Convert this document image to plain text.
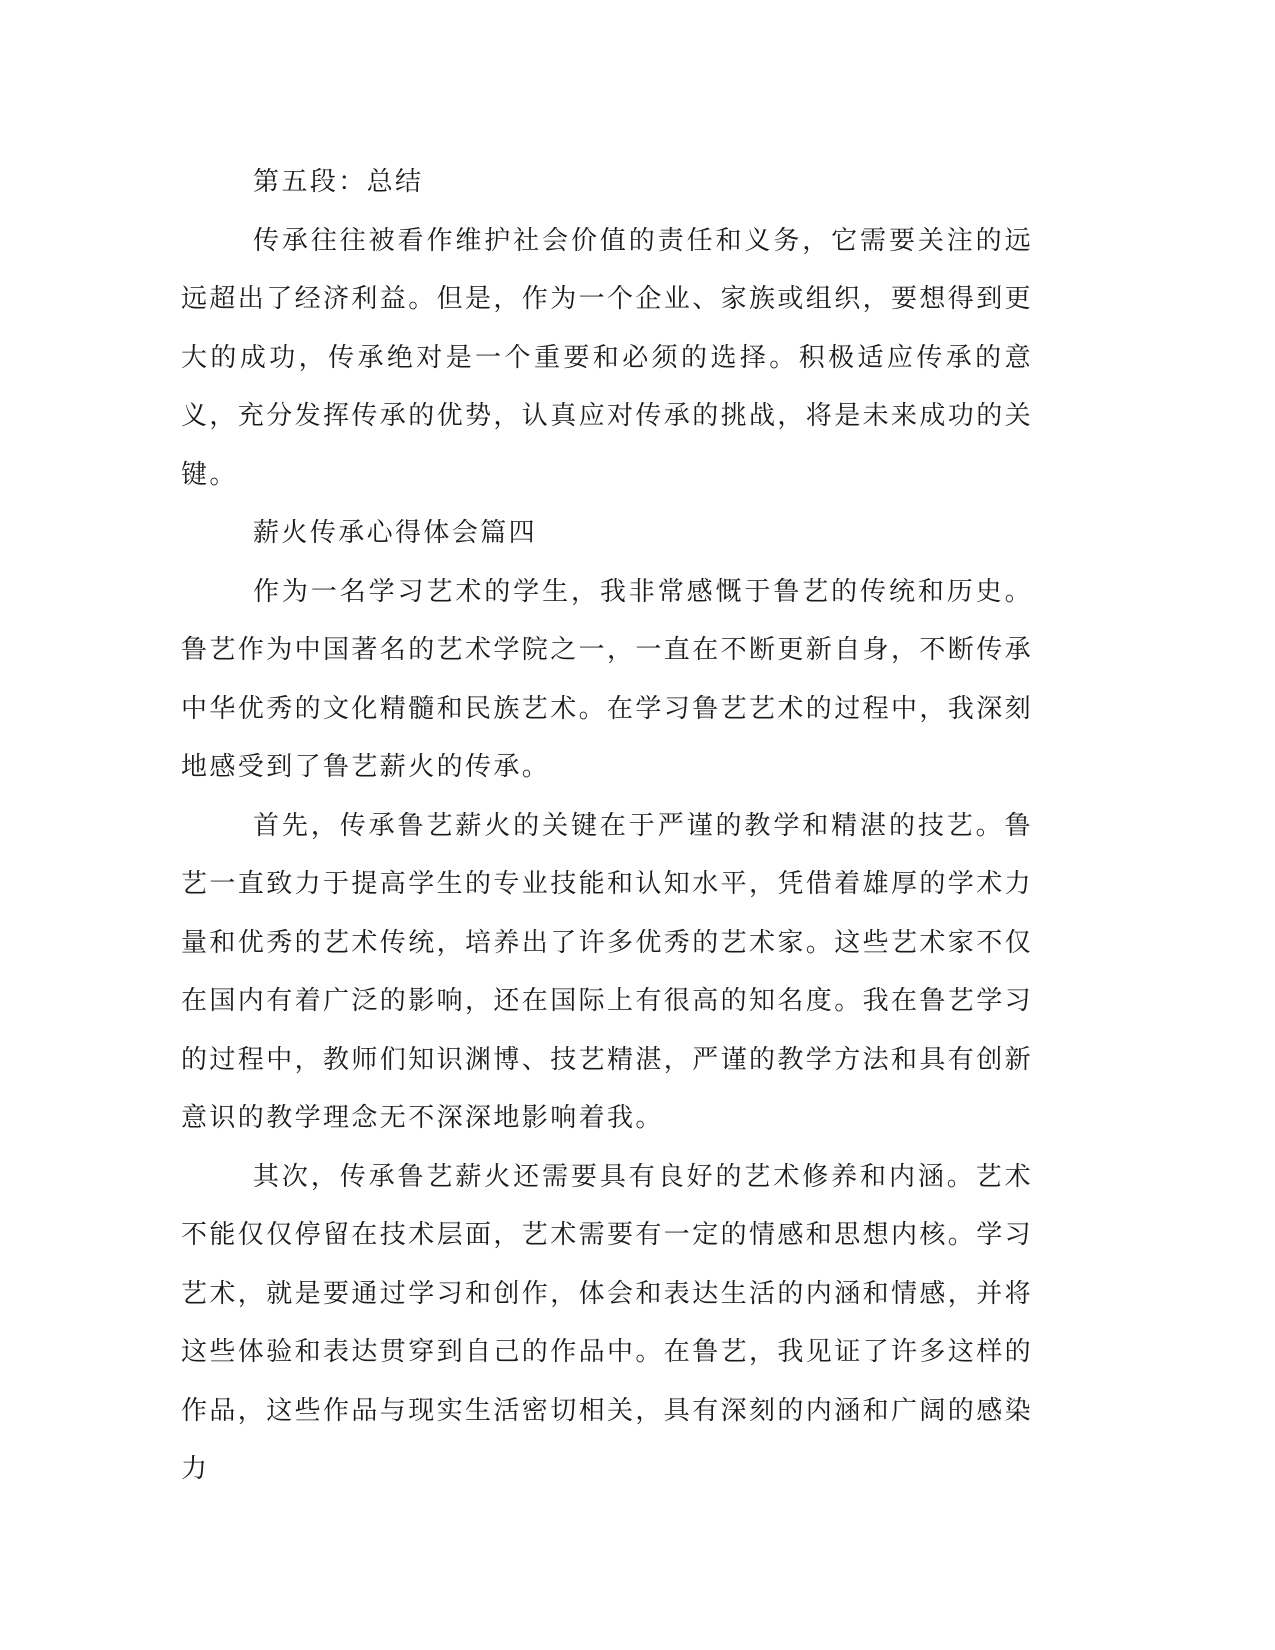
第五段：总结

传承往往被看作维护社会价值的责任和义务，它需要关注的远远超出了经济利益。但是，作为一个企业、家族或组织，要想得到更大的成功，传承绝对是一个重要和必须的选择。积极适应传承的意义，充分发挥传承的优势，认真应对传承的挑战，将是未来成功的关键。

薪火传承心得体会篇四

作为一名学习艺术的学生，我非常感慨于鲁艺的传统和历史。鲁艺作为中国著名的艺术学院之一，一直在不断更新自身，不断传承中华优秀的文化精髓和民族艺术。在学习鲁艺艺术的过程中，我深刻地感受到了鲁艺薪火的传承。

首先，传承鲁艺薪火的关键在于严谨的教学和精湛的技艺。鲁艺一直致力于提高学生的专业技能和认知水平，凭借着雄厚的学术力量和优秀的艺术传统，培养出了许多优秀的艺术家。这些艺术家不仅在国内有着广泛的影响，还在国际上有很高的知名度。我在鲁艺学习的过程中，教师们知识渊博、技艺精湛，严谨的教学方法和具有创新意识的教学理念无不深深地影响着我。

其次，传承鲁艺薪火还需要具有良好的艺术修养和内涵。艺术不能仅仅停留在技术层面，艺术需要有一定的情感和思想内核。学习艺术，就是要通过学习和创作，体会和表达生活的内涵和情感，并将这些体验和表达贯穿到自己的作品中。在鲁艺，我见证了许多这样的作品，这些作品与现实生活密切相关，具有深刻的内涵和广阔的感染力
